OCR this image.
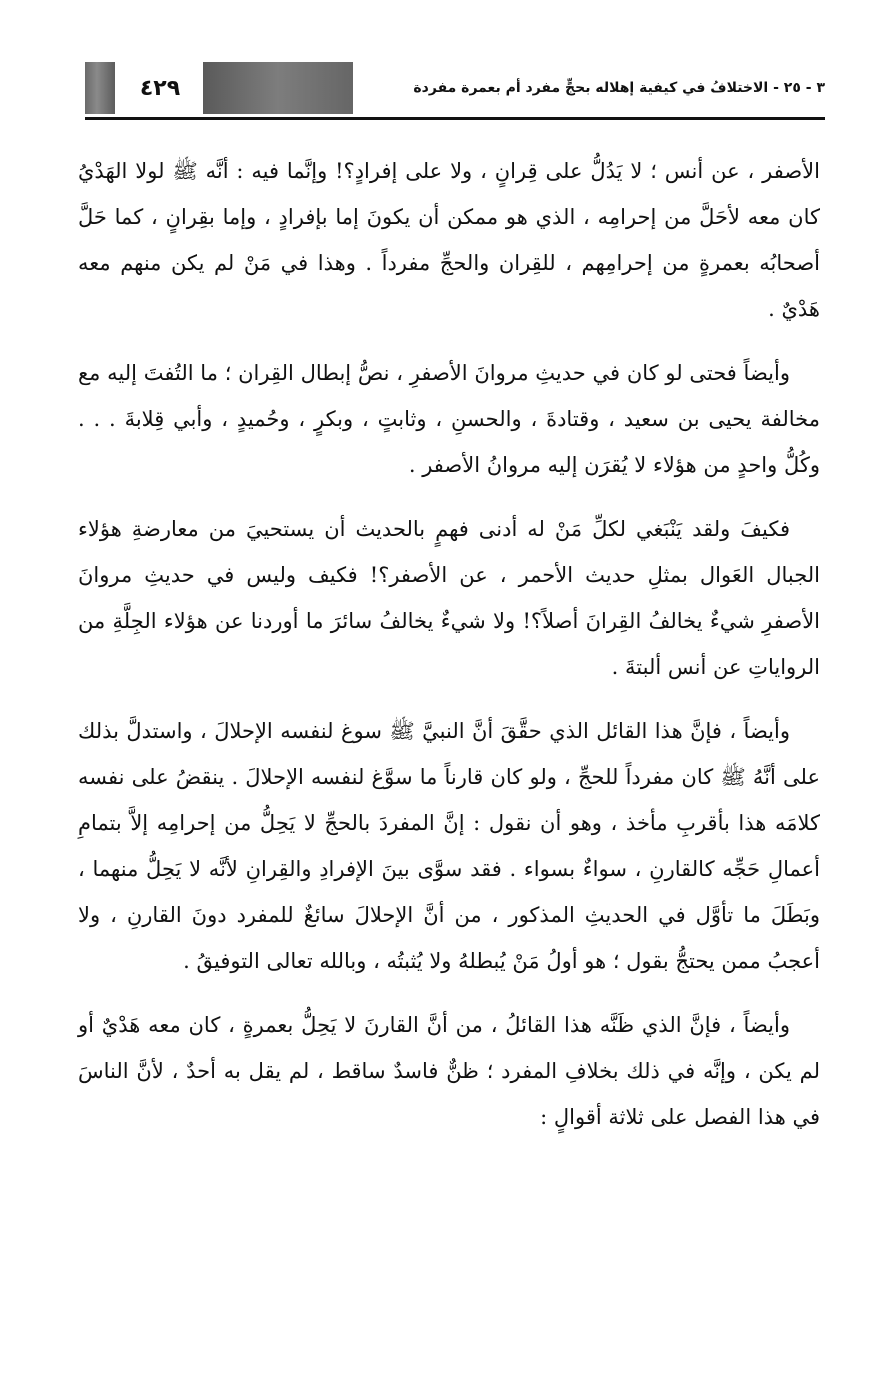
٤٢٩	٣ - ٢٥ - الاختلافُ في كيفية إهلاله بحجٍّ مفرد أم بعمرة مفردة

الأصفر ، عن أنس ؛ لا يَدُلُّ على قِرانٍ ، ولا على إفرادٍ؟! وإنَّما فيه : أنَّه ﷺ لولا الهَدْيُ كان معه لأحَلَّ من إحرامِه ، الذي هو ممكن أن يكونَ إما بإفرادٍ ، وإما بقِرانٍ ، كما حَلَّ أصحابُه بعمرةٍ من إحرامِهم ، للقِران والحجِّ مفرداً . وهذا في مَنْ لم يكن منهم معه هَدْيٌ .

وأيضاً فحتى لو كان في حديثِ مروانَ الأصفرِ ، نصُّ إبطال القِران ؛ ما التُفتَ إليه مع مخالفة يحيى بن سعيد ، وقتادةَ ، والحسنِ ، وثابتٍ ، وبكرٍ ، وحُميدٍ ، وأبي قِلابةَ . . . وكُلُّ واحدٍ من هؤلاء لا يُقرَن إليه مروانُ الأصفر .

فكيفَ ولقد يَنْبَغي لكلِّ مَنْ له أدنى فهمٍ بالحديث أن يستحييَ من معارضةِ هؤلاء الجبال العَوال بمثلِ حديث الأحمر ، عن الأصفر؟! فكيف وليس في حديثِ مروانَ الأصفرِ شيءٌ يخالفُ القِرانَ أصلاً؟! ولا شيءٌ يخالفُ سائرَ ما أوردنا عن هؤلاء الجِلَّةِ من الرواياتِ عن أنس ألبتةَ .

وأيضاً ، فإنَّ هذا القائل الذي حقَّقَ أنَّ النبيَّ ﷺ سوغ لنفسه الإحلالَ ، واستدلَّ بذلك على أنَّهُ ﷺ كان مفرداً للحجِّ ، ولو كان قارناً ما سوَّغ لنفسه الإحلالَ . ينقضُ على نفسه كلامَه هذا بأقربِ مأخذ ، وهو أن نقول : إنَّ المفردَ بالحجِّ لا يَحِلُّ من إحرامِه إلاَّ بتمامِ أعمالِ حَجِّه كالقارنِ ، سواءٌ بسواء . فقد سوَّى بينَ الإفرادِ والقِرانِ لأنَّه لا يَحِلُّ منهما ، وبَطَلَ ما تأوَّل في الحديثِ المذكور ، من أنَّ الإحلالَ سائغٌ للمفرد دونَ القارنِ ، ولا أعجبُ ممن يحتجُّ بقول ؛ هو أولُ مَنْ يُبطلهُ ولا يُثبتُه ، وبالله تعالى التوفيقُ .

وأيضاً ، فإنَّ الذي ظَنَّه هذا القائلُ ، من أنَّ القارنَ لا يَحِلُّ بعمرةٍ ، كان معه هَدْيٌ أو لم يكن ، وإنَّه في ذلك بخلافِ المفرد ؛ ظنٌّ فاسدٌ ساقط ، لم يقل به أحدٌ ، لأنَّ الناسَ في هذا الفصل على ثلاثة أقوالٍ :
